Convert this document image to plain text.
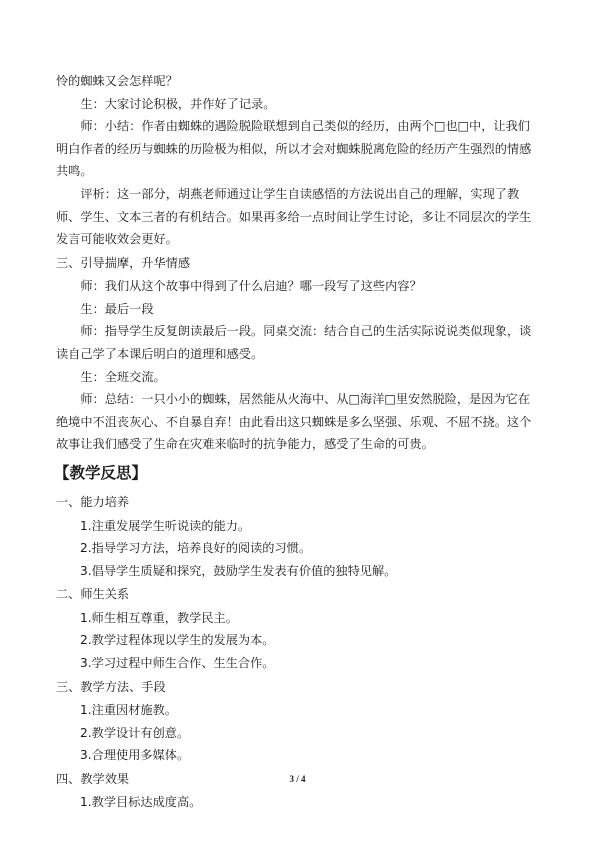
怜的蜘蛛又会怎样呢？

生：大家讨论积极，并作好了记录。

师：小结：作者由蜘蛛的遇险脱险联想到自己类似的经历，由两个□也□中，让我们明白作者的经历与蜘蛛的历险极为相似，所以才会对蜘蛛脱离危险的经历产生强烈的情感共鸣。

评析：这一部分，胡燕老师通过让学生自读感悟的方法说出自己的理解，实现了教师、学生、文本三者的有机结合。如果再多给一点时间让学生讨论，多让不同层次的学生发言可能收效会更好。

三、引导揣摩，升华情感

师：我们从这个故事中得到了什么启迪？哪一段写了这些内容？

生：最后一段

师：指导学生反复朗读最后一段。同桌交流：结合自己的生活实际说说类似现象，谈读自己学了本课后明白的道理和感受。

生：全班交流。

师：总结：一只小小的蜘蛛，居然能从火海中、从□海洋□里安然脱险，是因为它在绝境中不沮丧灰心、不自暴自弃！由此看出这只蜘蛛是多么坚强、乐观、不屈不挠。这个故事让我们感受了生命在灾难来临时的抗争能力，感受了生命的可贵。

【教学反思】

一、能力培养

1.注重发展学生听说读的能力。

2.指导学习方法，培养良好的阅读的习惯。

3.倡导学生质疑和探究，鼓励学生发表有价值的独特见解。

二、师生关系

1.师生相互尊重，教学民主。

2.教学过程体现以学生的发展为本。

3.学习过程中师生合作、生生合作。

三、教学方法、手段

1.注重因材施教。

2.教学设计有创意。

3.合理使用多媒体。

四、教学效果

1.教学目标达成度高。

3 / 4
